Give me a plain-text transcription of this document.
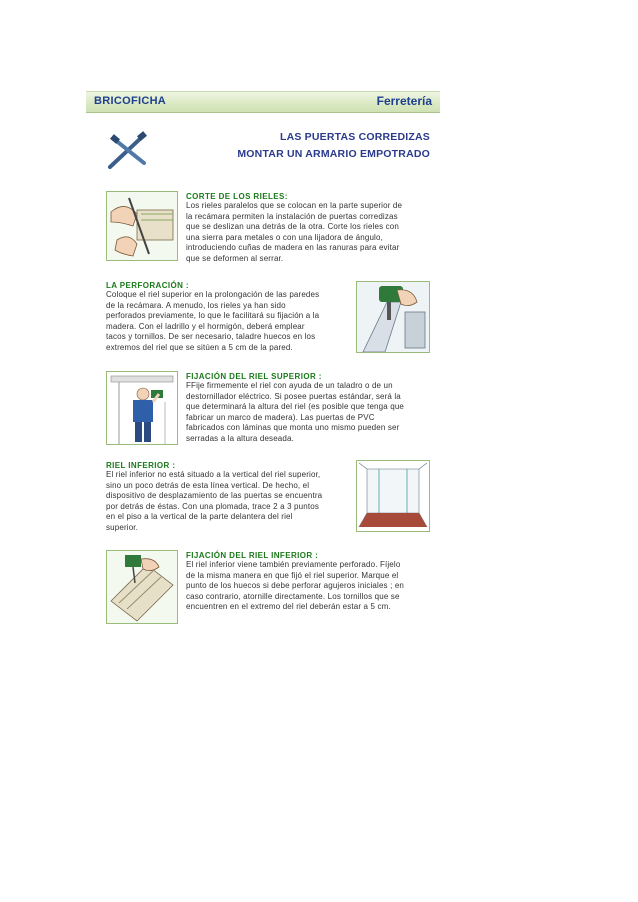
BRICOFICHA	Ferretería
LAS PUERTAS CORREDIZAS
MONTAR UN ARMARIO EMPOTRADO
CORTE DE LOS RIELES:
Los rieles paralelos que se colocan en la parte superior de
la recámara permiten la instalación de puertas corredizas
que se deslizan una detrás de la otra. Corte los rieles con
una sierra para metales o con una lijadora de ángulo,
introduciendo cuñas de madera en las ranuras para evitar
que se deformen al serrar.
LA PERFORACIÓN :
Coloque el riel superior en la prolongación de las paredes
de la recámara. A menudo, los rieles ya han sido
perforados previamente, lo que le facilitará su fijación a la
madera. Con el ladrillo y el hormigón, deberá emplear
tacos y tornillos. De ser necesario, taladre huecos en los
extremos del riel que se sitúen a 5 cm de la pared.
FIJACIÓN DEL RIEL SUPERIOR :
FFije firmemente el riel con ayuda de un taladro o de un
destornillador eléctrico. Si posee puertas estándar, será la
que determinará la altura del riel (es posible que tenga que
fabricar un marco de madera). Las puertas de PVC
fabricados con láminas que monta uno mismo pueden ser
serradas a la altura deseada.
RIEL INFERIOR :
El riel inferior no está situado a la vertical del riel superior,
sino un poco detrás de esta línea vertical. De hecho, el
dispositivo de desplazamiento de las puertas se encuentra
por detrás de éstas. Con una plomada, trace 2 a 3 puntos
en el piso a la vertical de la parte delantera del riel
superior.
FIJACIÓN DEL RIEL INFERIOR :
El riel inferior viene también previamente perforado. Fíjelo
de la misma manera en que fijó el riel superior. Marque el
punto de los huecos si debe perforar agujeros iniciales ; en
caso contrario, atornille directamente. Los tornillos que se
encuentren en el extremo del riel deberán estar a 5 cm.
